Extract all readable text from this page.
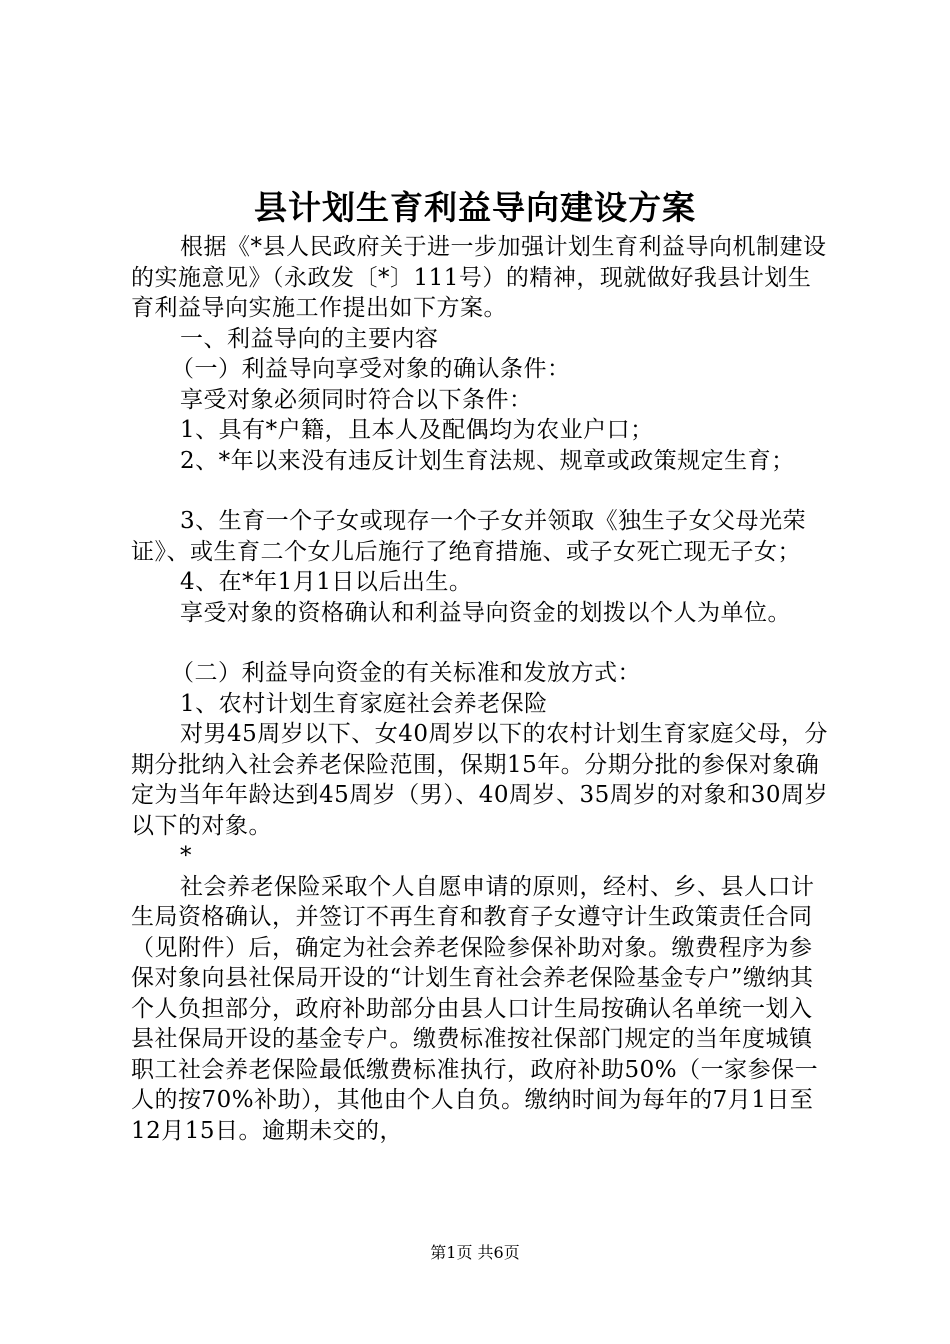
县计划生育利益导向建设方案

根据《*县人民政府关于进一步加强计划生育利益导向机制建设的实施意见》（永政发〔*〕111号）的精神，现就做好我县计划生育利益导向实施工作提出如下方案。

一、利益导向的主要内容

（一）利益导向享受对象的确认条件：

享受对象必须同时符合以下条件：

1、具有*户籍，且本人及配偶均为农业户口；

2、*年以来没有违反计划生育法规、规章或政策规定生育；

3、生育一个子女或现存一个子女并领取《独生子女父母光荣证》、或生育二个女儿后施行了绝育措施、或子女死亡现无子女；

4、在*年1月1日以后出生。

享受对象的资格确认和利益导向资金的划拨以个人为单位。

（二）利益导向资金的有关标准和发放方式：

1、农村计划生育家庭社会养老保险

对男45周岁以下、女40周岁以下的农村计划生育家庭父母，分期分批纳入社会养老保险范围，保期15年。分期分批的参保对象确定为当年年龄达到45周岁（男）、40周岁、35周岁的对象和30周岁以下的对象。

*

社会养老保险采取个人自愿申请的原则，经村、乡、县人口计生局资格确认，并签订不再生育和教育子女遵守计生政策责任合同（见附件）后，确定为社会养老保险参保补助对象。缴费程序为参保对象向县社保局开设的“计划生育社会养老保险基金专户”缴纳其个人负担部分，政府补助部分由县人口计生局按确认名单统一划入县社保局开设的基金专户。缴费标准按社保部门规定的当年度城镇职工社会养老保险最低缴费标准执行，政府补助50%（一家参保一人的按70%补助），其他由个人自负。缴纳时间为每年的7月1日至12月15日。逾期未交的，

第1页 共6页
